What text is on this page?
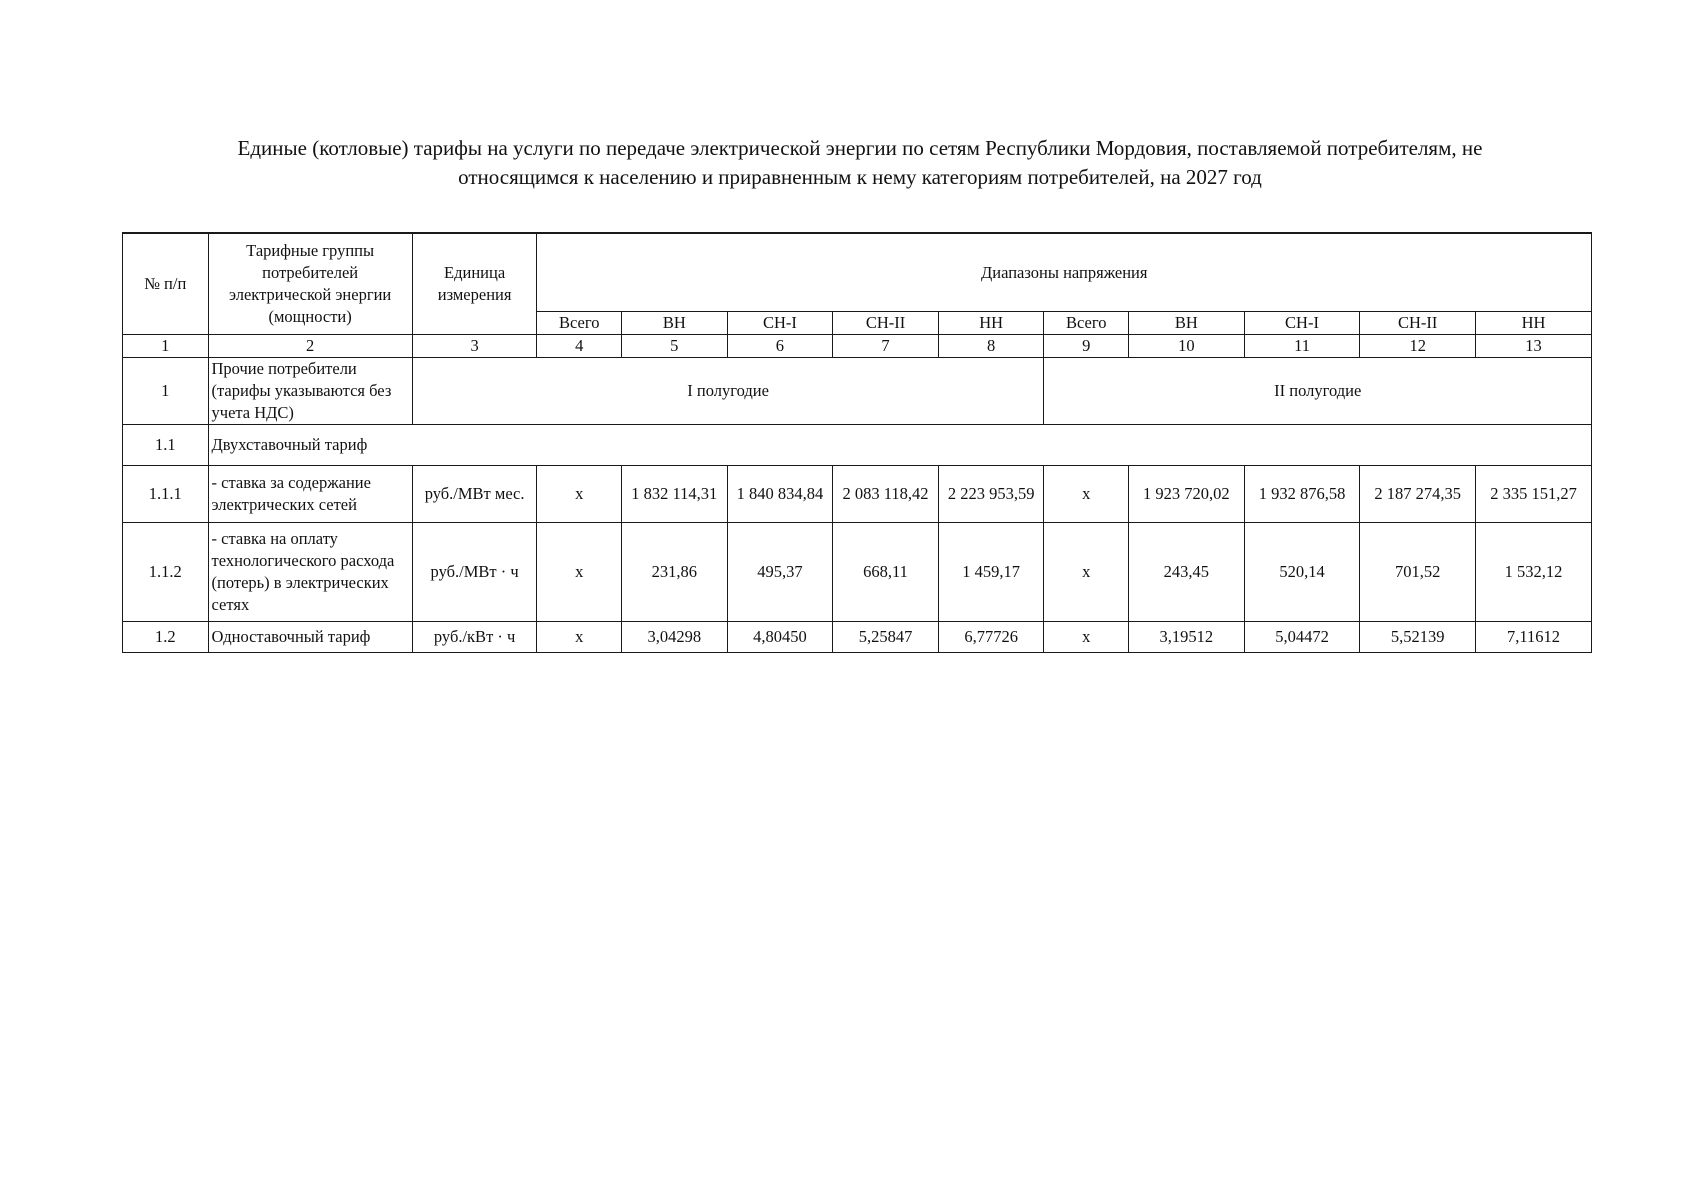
Единые (котловые) тарифы на услуги по передаче электрической энергии по сетям Республики Мордовия, поставляемой потребителям, не
относящимся к населению и приравненным к нему категориям потребителей, на 2027 год
№ п/п	Тарифные группы потребителей электрической энергии (мощности)	Единица измерения	Диапазоны напряжения									
			Всего	ВН	СН-I	СН-II	НН	Всего	ВН	СН-I	СН-II	НН
1	2	3	4	5	6	7	8	9	10	11	12	13
1	Прочие потребители (тарифы указываются без учета НДС)	I полугодие						II полугодие				
1.1	Двухставочный тариф											
1.1.1	- ставка за содержание электрических сетей	руб./МВт мес.	х	1 832 114,31	1 840 834,84	2 083 118,42	2 223 953,59	х	1 923 720,02	1 932 876,58	2 187 274,35	2 335 151,27
1.1.2	- ставка на оплату технологического расхода (потерь) в электрических сетях	руб./МВт · ч	х	231,86	495,37	668,11	1 459,17	х	243,45	520,14	701,52	1 532,12
1.2	Одноставочный тариф	руб./кВт · ч	х	3,04298	4,80450	5,25847	6,77726	х	3,19512	5,04472	5,52139	7,11612
